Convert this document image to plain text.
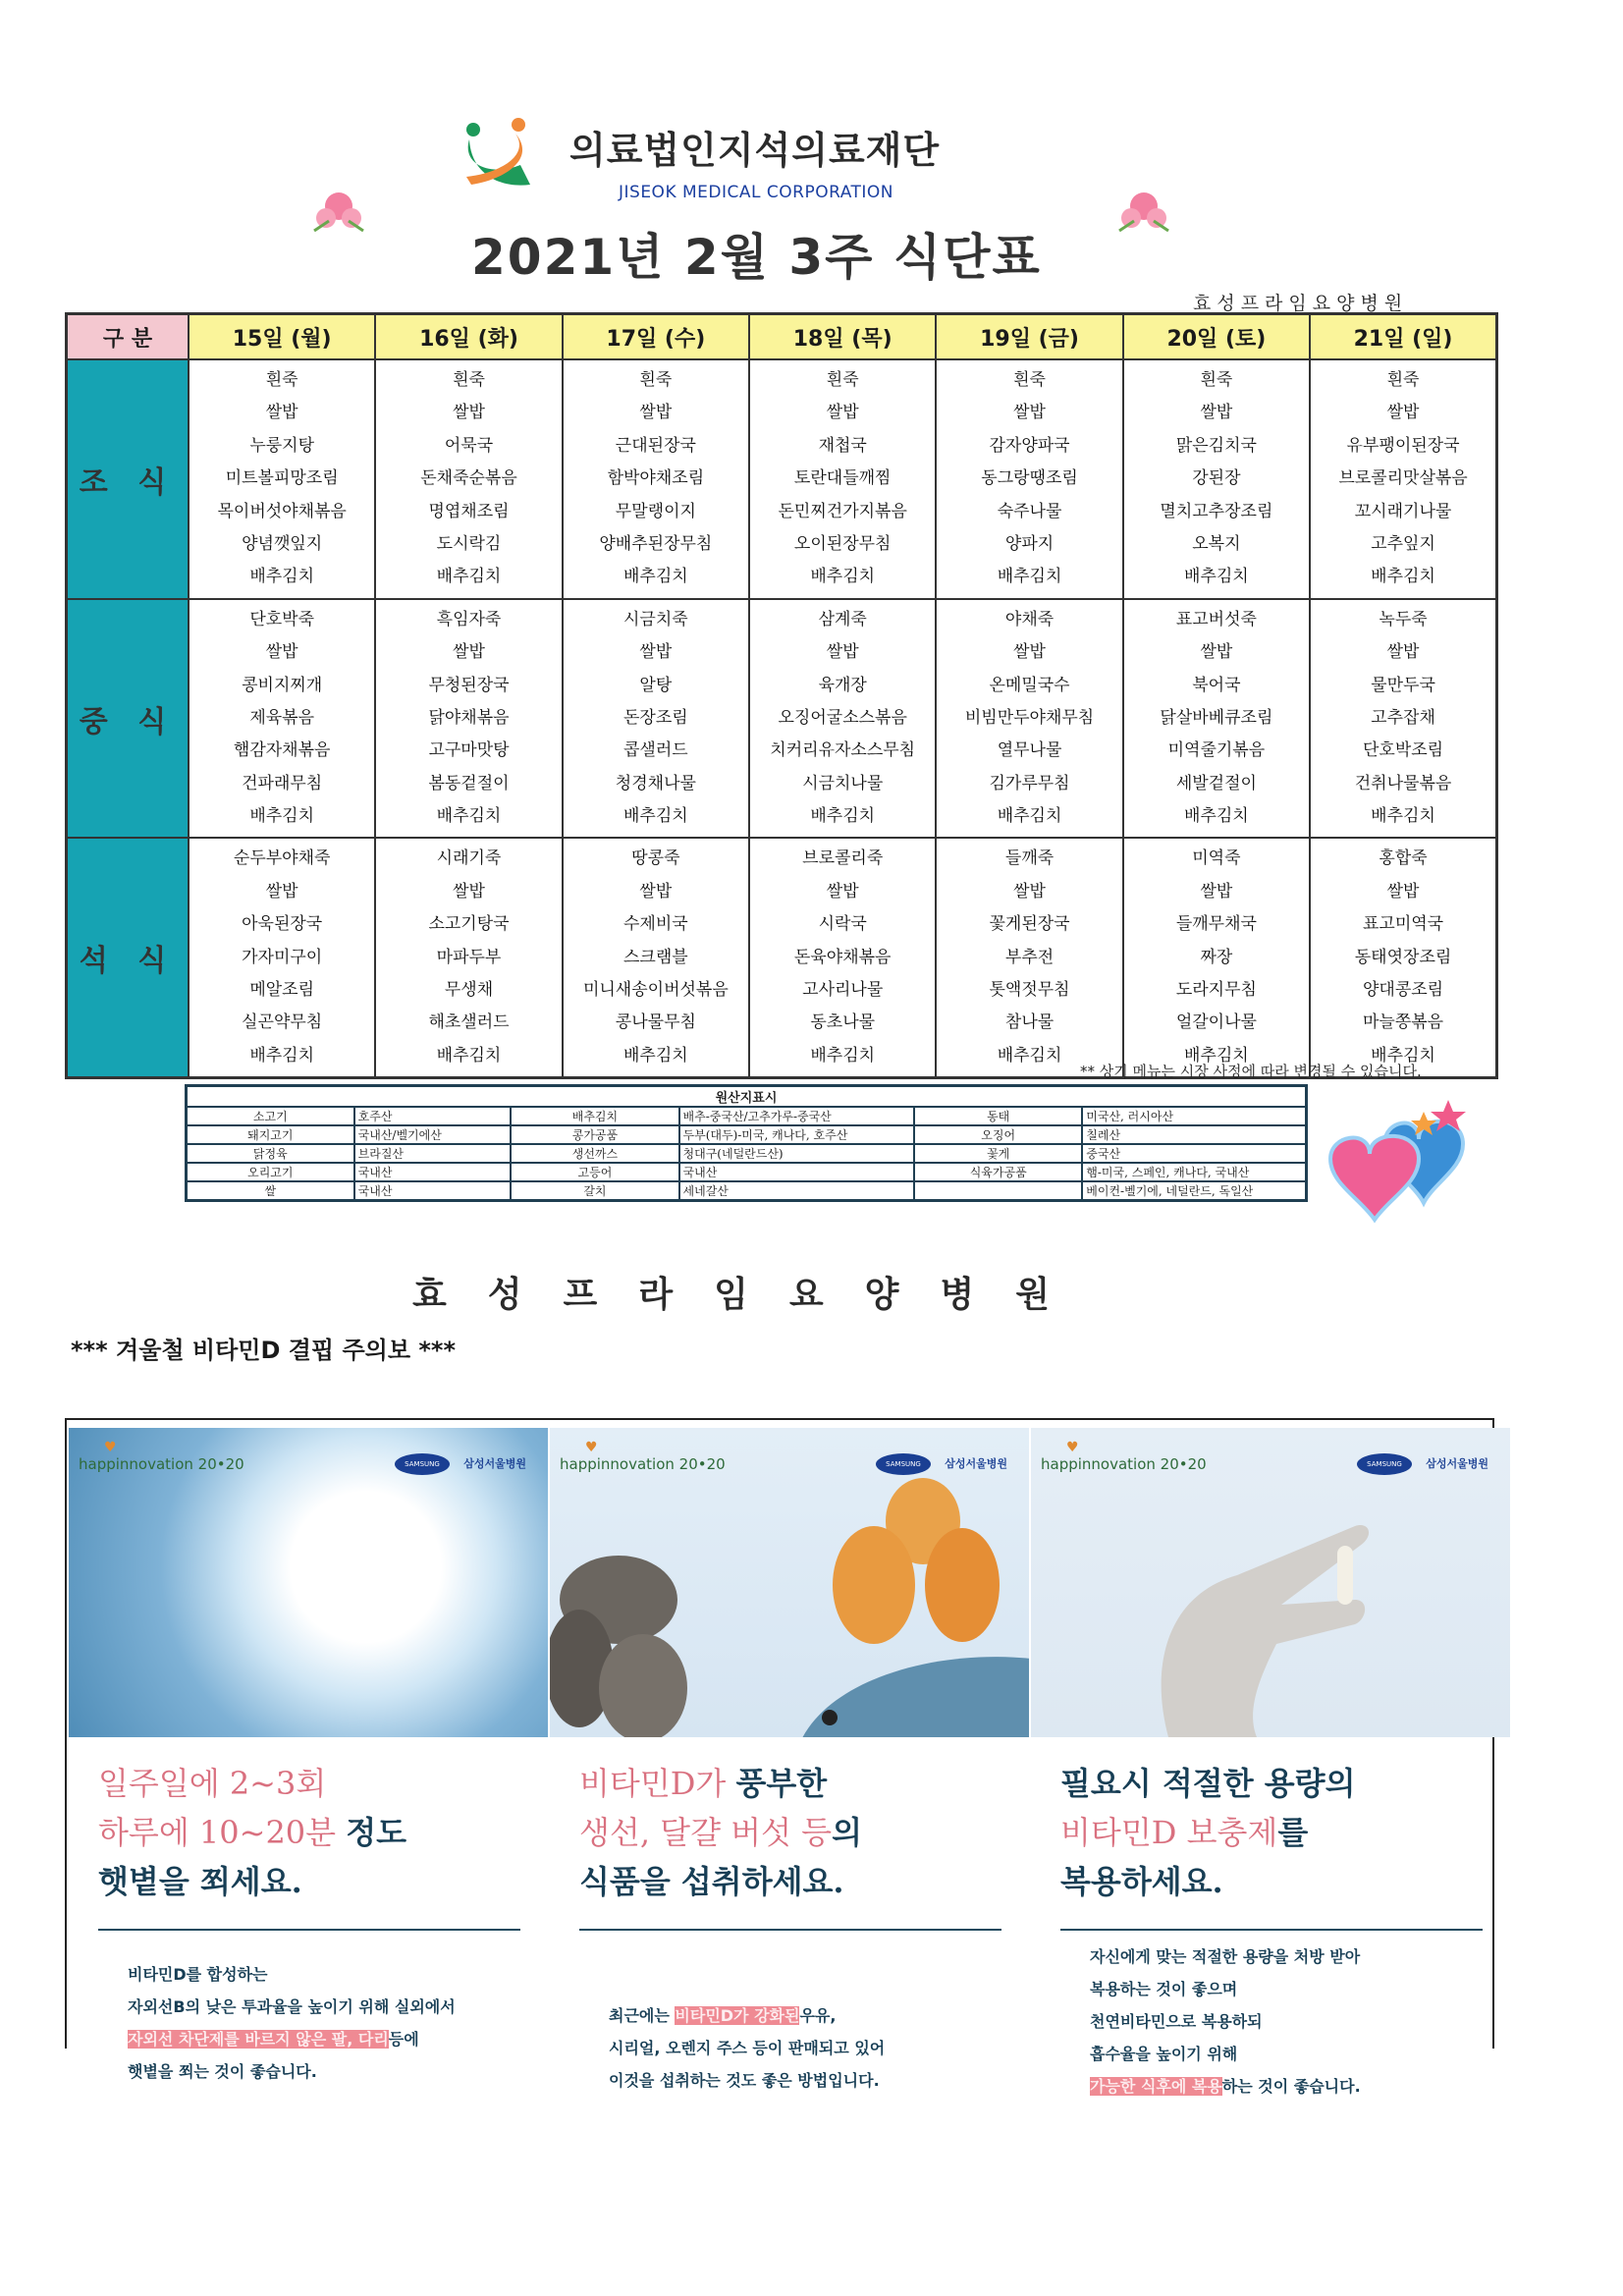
의료법인지석의료재단
JISEOK MEDICAL CORPORATION
2021년 2월 3주 식단표
효성프라임요양병원
구 분	15일 (월)	16일 (화)	17일 (수)	18일 (목)	19일 (금)	20일 (토)	21일 (일)
조 식	
흰죽
쌀밥
누룽지탕
미트볼피망조림
목이버섯야채볶음
양념깻잎지
배추김치

흰죽
쌀밥
어묵국
돈채죽순볶음
명엽채조림
도시락김
배추김치

흰죽
쌀밥
근대된장국
함박야채조림
무말랭이지
양배추된장무침
배추김치

흰죽
쌀밥
재첩국
토란대들깨찜
돈민찌건가지볶음
오이된장무침
배추김치

흰죽
쌀밥
감자양파국
동그랑땡조림
숙주나물
양파지
배추김치

흰죽
쌀밥
맑은김치국
강된장
멸치고추장조림
오복지
배추김치

흰죽
쌀밥
유부팽이된장국
브로콜리맛살볶음
꼬시래기나물
고추잎지
배추김치

중 식	
단호박죽
쌀밥
콩비지찌개
제육볶음
햄감자채볶음
건파래무침
배추김치

흑임자죽
쌀밥
무청된장국
닭야채볶음
고구마맛탕
봄동겉절이
배추김치

시금치죽
쌀밥
알탕
돈장조림
콥샐러드
청경채나물
배추김치

삼계죽
쌀밥
육개장
오징어굴소스볶음
치커리유자소스무침
시금치나물
배추김치

야채죽
쌀밥
온메밀국수
비빔만두야채무침
열무나물
김가루무침
배추김치

표고버섯죽
쌀밥
북어국
닭살바베큐조림
미역줄기볶음
세발겉절이
배추김치

녹두죽
쌀밥
물만두국
고추잡채
단호박조림
건취나물볶음
배추김치

석 식	
순두부야채죽
쌀밥
아욱된장국
가자미구이
메알조림
실곤약무침
배추김치

시래기죽
쌀밥
소고기탕국
마파두부
무생채
해초샐러드
배추김치

땅콩죽
쌀밥
수제비국
스크램블
미니새송이버섯볶음
콩나물무침
배추김치

브로콜리죽
쌀밥
시락국
돈육야채볶음
고사리나물
동초나물
배추김치

들깨죽
쌀밥
꽃게된장국
부추전
톳액젓무침
참나물
배추김치

미역죽
쌀밥
들깨무채국
짜장
도라지무침
얼갈이나물
배추김치

홍합죽
쌀밥
표고미역국
동태엿장조림
양대콩조림
마늘쫑볶음
배추김치
** 상기 메뉴는 시장 사정에 따라 변경될 수 있습니다.
원산지표시					
소고기	호주산	배추김치	배추-중국산/고추가루-중국산	동태	미국산, 러시아산
돼지고기	국내산/벨기에산	콩가공품	두부(대두)-미국, 캐나다, 호주산	오징어	칠레산
닭정육	브라질산	생선까스	청대구(네덜란드산)	꽃게	중국산
오리고기	국내산	고등어	국내산	식육가공품	햄-미국, 스페인, 캐나다, 국내산
쌀	국내산	갈치	세네갈산		베이컨-벨기에, 네덜란드, 독일산
효성프라임요양병원
*** 겨울철 비타민D 결핍 주의보 ***
♥
happinnovation 20•20	SAMSUNG	삼성서울병원
일주일에 2~3회
하루에 10~20분 정도
햇볕을 쬐세요.
비타민D를 합성하는
자외선B의 낮은 투과율을 높이기 위해 실외에서
자외선 차단제를 바르지 않은 팔, 다리등에
햇볕을 쬐는 것이 좋습니다.
♥
happinnovation 20•20	SAMSUNG	삼성서울병원
비타민D가 풍부한
생선, 달걀 버섯 등의
식품을 섭취하세요.
최근에는 비타민D가 강화된우유,
시리얼, 오렌지 주스 등이 판매되고 있어
이것을 섭취하는 것도 좋은 방법입니다.
♥
happinnovation 20•20	SAMSUNG	삼성서울병원
필요시 적절한 용량의
비타민D 보충제를
복용하세요.
자신에게 맞는 적절한 용량을 처방 받아
복용하는 것이 좋으며
천연비타민으로 복용하되
흡수율을 높이기 위해
가능한 식후에 복용하는 것이 좋습니다.
